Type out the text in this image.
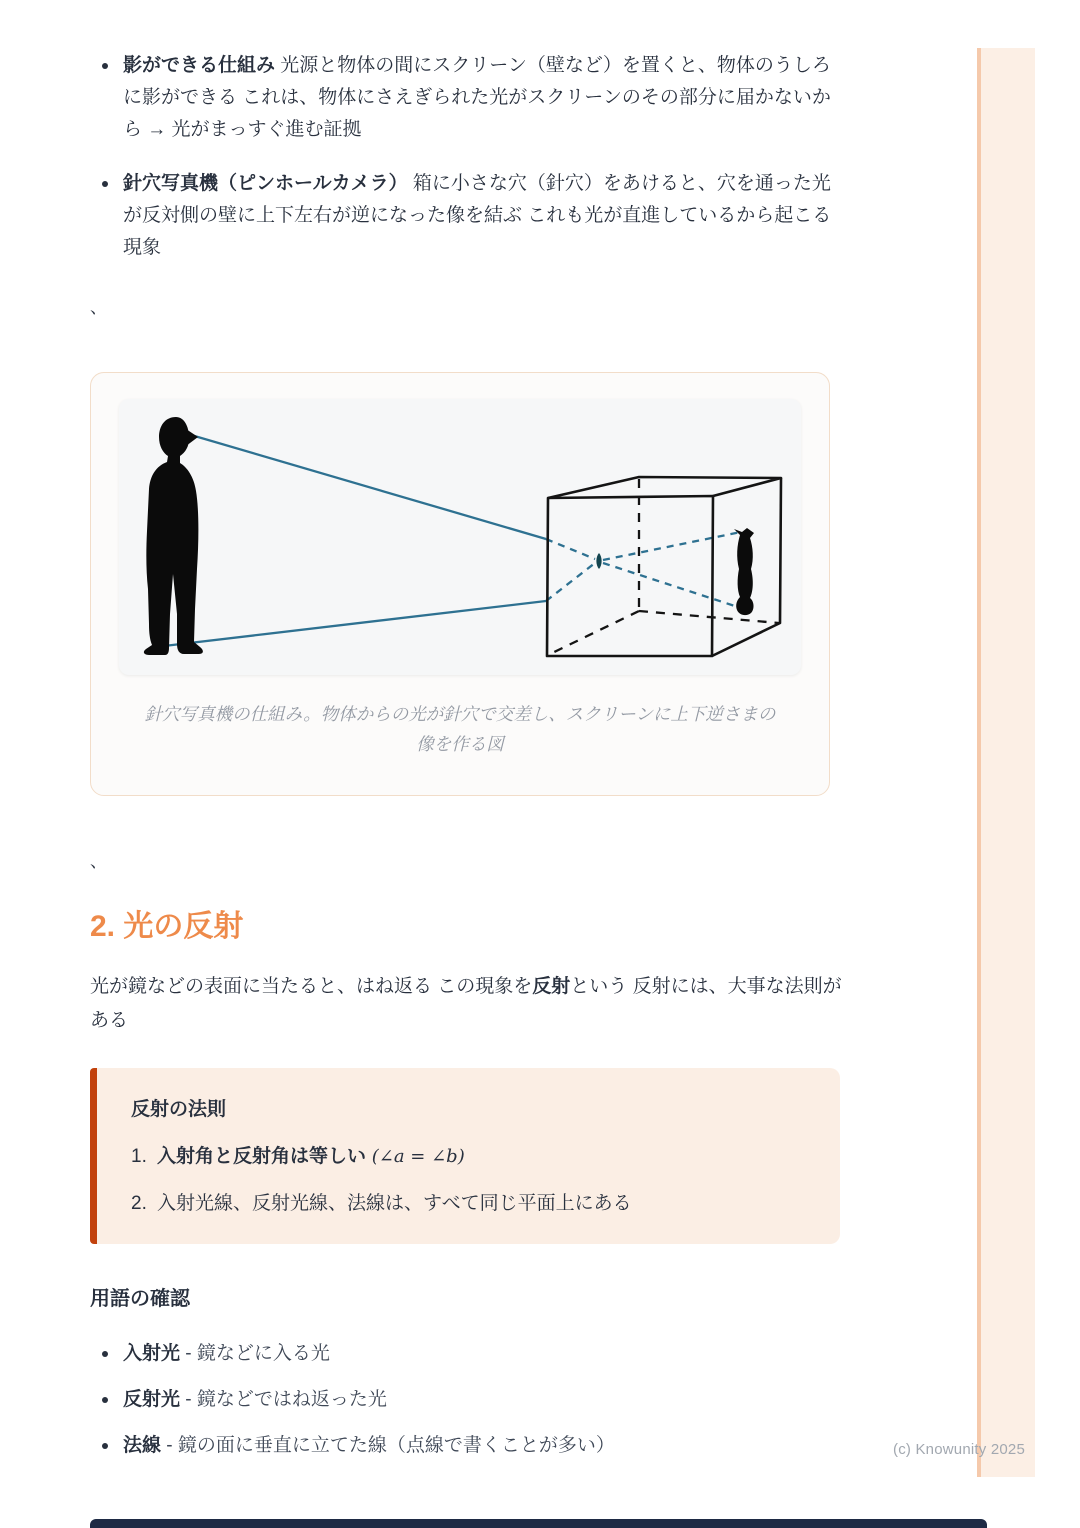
影ができる仕組み 光源と物体の間にスクリーン（壁など）を置くと、物体のうしろに影ができる これは、物体にさえぎられた光がスクリーンのその部分に届かないから → 光がまっすぐ進む証拠
針穴写真機（ピンホールカメラ） 箱に小さな穴（針穴）をあけると、穴を通った光が反対側の壁に上下左右が逆になった像を結ぶ これも光が直進しているから起こる現象
、
針穴写真機の仕組み。物体からの光が針穴で交差し、スクリーンに上下逆さまの像を作る図
、
2. 光の反射
光が鏡などの表面に当たると、はね返る この現象を反射という 反射には、大事な法則がある
反射の法則
1. 入射角と反射角は等しい (∠a = ∠b)
2. 入射光線、反射光線、法線は、すべて同じ平面上にある
用語の確認
入射光 - 鏡などに入る光
反射光 - 鏡などではね返った光
法線 - 鏡の面に垂直に立てた線（点線で書くことが多い）	(c) Knowunity 2025
